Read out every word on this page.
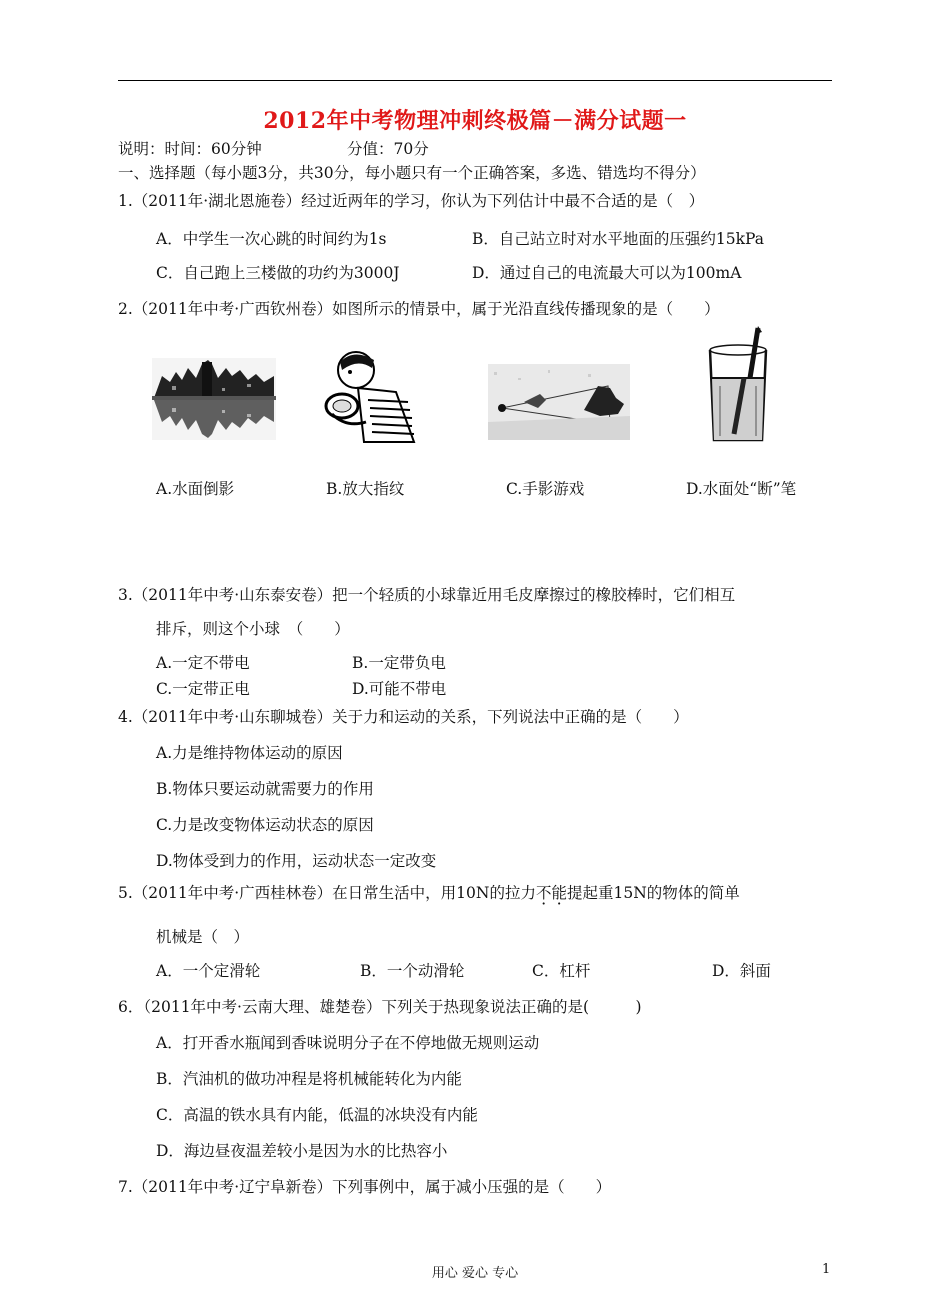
2012年中考物理冲刺终极篇－满分试题一
说明：时间：60分钟	分值：70分
一、选择题（每小题3分，共30分，每小题只有一个正确答案，多选、错选均不得分）
1.（2011年·湖北恩施卷）经过近两年的学习，你认为下列估计中最不合适的是（　）
A．中学生一次心跳的时间约为1s	B．自己站立时对水平地面的压强约15kPa
C．自己跑上三楼做的功约为3000J	D．通过自己的电流最大可以为100mA
2.（2011年中考·广西钦州卷）如图所示的情景中，属于光沿直线传播现象的是（　　）
A.水面倒影	B.放大指纹	C.手影游戏	D.水面处“断”笔
3.（2011年中考·山东泰安卷）把一个轻质的小球靠近用毛皮摩擦过的橡胶棒时，它们相互
排斥，则这个小球　（　　）
A.一定不带电	B.一定带负电
C.一定带正电	D.可能不带电
4.（2011年中考·山东聊城卷）关于力和运动的关系，下列说法中正确的是（　　）
A.力是维持物体运动的原因
B.物体只要运动就需要力的作用
C.力是改变物体运动状态的原因
D.物体受到力的作用，运动状态一定改变
5.（2011年中考·广西桂林卷）在日常生活中，用10N的拉力不能提起重15N的物体的简单
机械是（　）
A．一个定滑轮	B．一个动滑轮	C．杠杆	D．斜面
6．（2011年中考·云南大理、雄楚卷）下列关于热现象说法正确的是(　　　)
A．打开香水瓶闻到香味说明分子在不停地做无规则运动
B．汽油机的做功冲程是将机械能转化为内能
C．高温的铁水具有内能，低温的冰块没有内能
D．海边昼夜温差较小是因为水的比热容小
7.（2011年中考·辽宁阜新卷）下列事例中，属于减小压强的是（　　）
用心 爱心 专心	1
